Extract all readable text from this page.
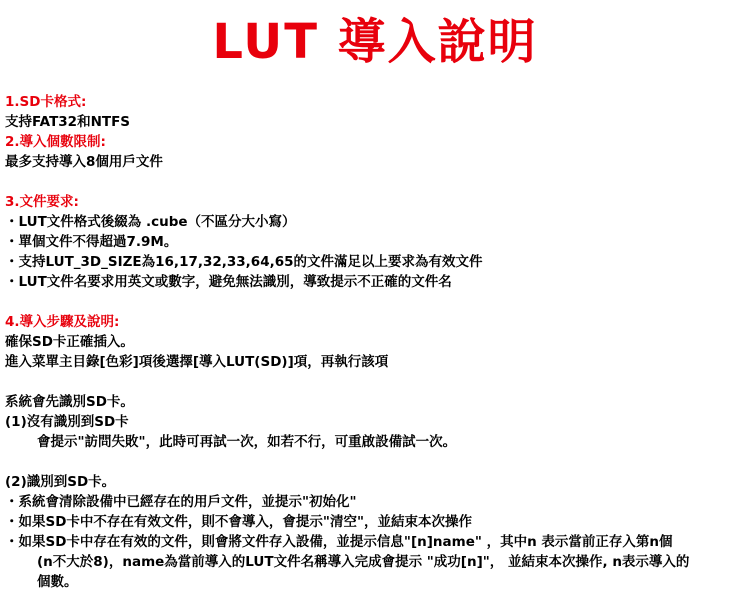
LUT 導入說明
1.SD卡格式:
支持FAT32和NTFS
2.導入個數限制:
最多支持導入8個用戶文件
3.文件要求:
・LUT文件格式後綴為 .cube（不區分大小寫）
・單個文件不得超過7.9M。
・支持LUT_3D_SIZE為16,17,32,33,64,65的文件滿足以上要求為有效文件
・LUT文件名要求用英文或數字，避免無法識別，導致提示不正確的文件名
4.導入步驟及說明:
確保SD卡正確插入。
進入菜單主目錄[色彩]項後選擇[導入LUT(SD)]項，再執行該項
系統會先識別SD卡。
(1)沒有識別到SD卡
會提示"訪問失敗"，此時可再試一次，如若不行，可重啟設備試一次。
(2)識別到SD卡。
・系統會清除設備中已經存在的用戶文件，並提示"初始化"
・如果SD卡中不存在有效文件，則不會導入，會提示"清空"，並結束本次操作
・如果SD卡中存在有效的文件，則會將文件存入設備，並提示信息"[n]name" ，其中n 表示當前正存入第n個
(n不大於8)，name為當前導入的LUT文件名稱導入完成會提示 "成功[n]"， 並結束本次操作, n表示導入的
個數。
